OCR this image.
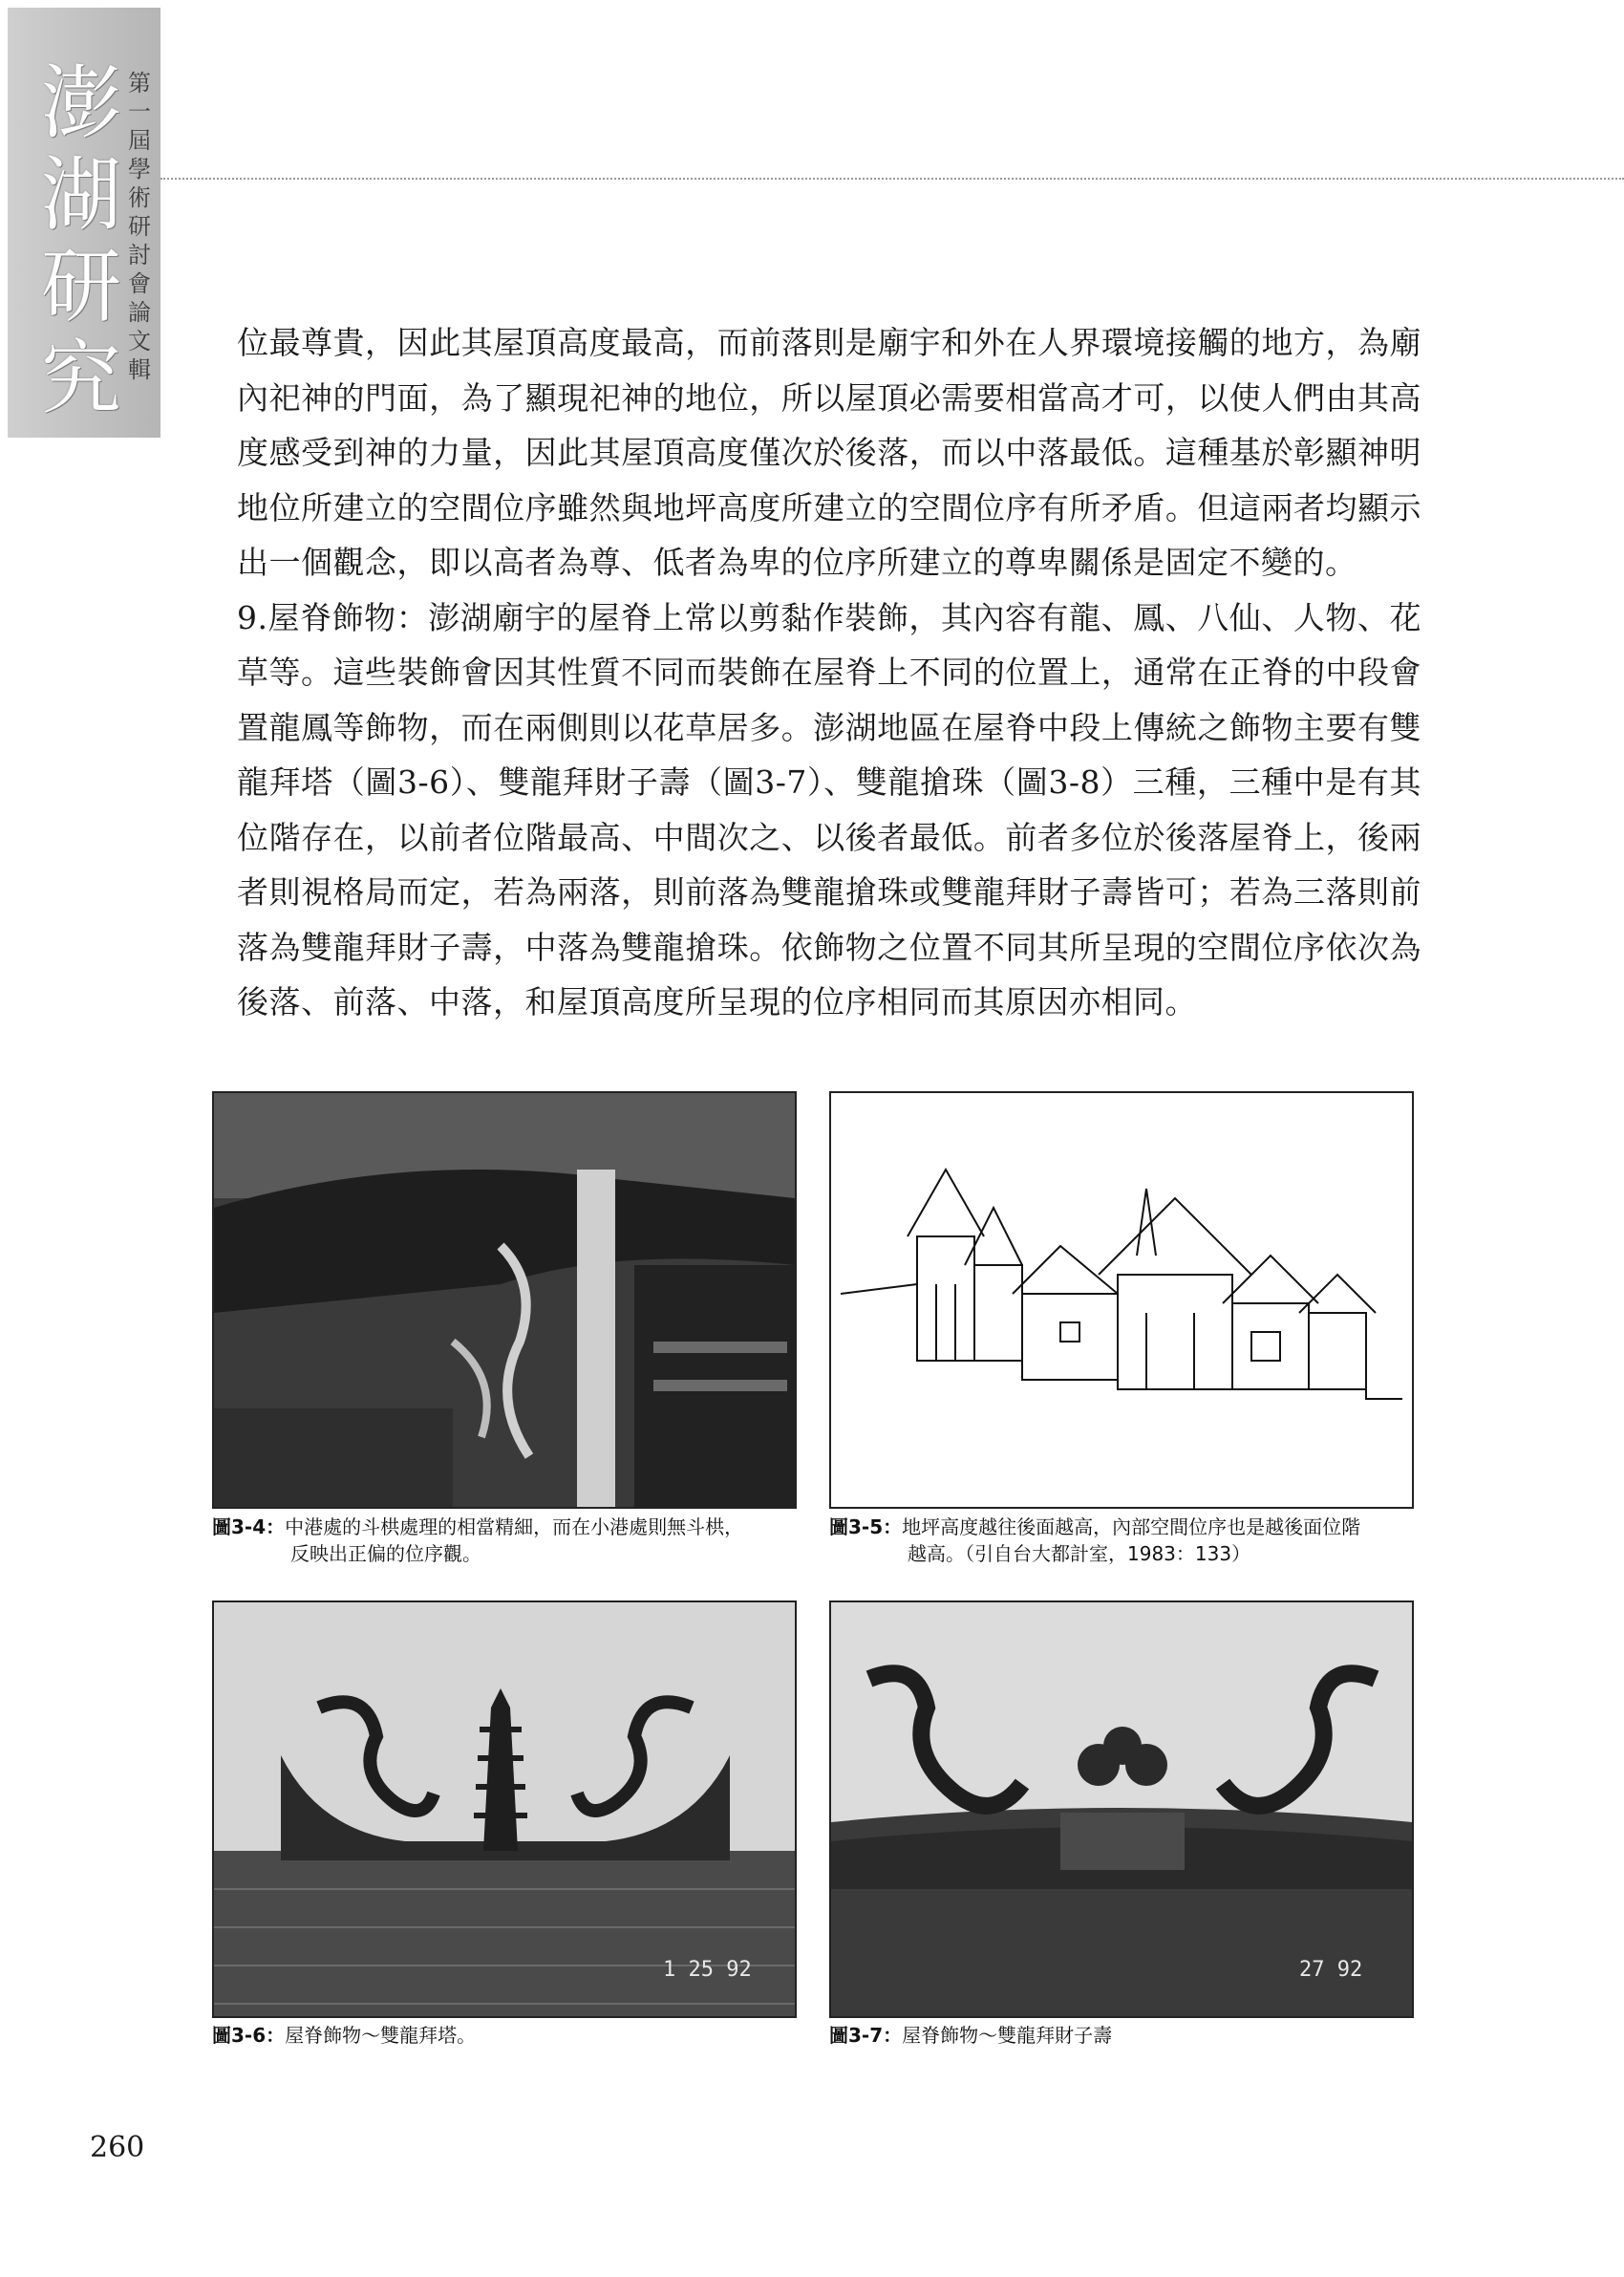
澎湖研究
第一屆學術研討會論文輯

位最尊貴，因此其屋頂高度最高，而前落則是廟宇和外在人界環境接觸的地方，為廟內祀神的門面，為了顯現祀神的地位，所以屋頂必需要相當高才可，以使人們由其高度感受到神的力量，因此其屋頂高度僅次於後落，而以中落最低。這種基於彰顯神明地位所建立的空間位序雖然與地坪高度所建立的空間位序有所矛盾。但這兩者均顯示出一個觀念，即以高者為尊、低者為卑的位序所建立的尊卑關係是固定不變的。

9.屋脊飾物：澎湖廟宇的屋脊上常以剪黏作裝飾，其內容有龍、鳳、八仙、人物、花草等。這些裝飾會因其性質不同而裝飾在屋脊上不同的位置上，通常在正脊的中段會置龍鳳等飾物，而在兩側則以花草居多。澎湖地區在屋脊中段上傳統之飾物主要有雙龍拜塔（圖3-6）、雙龍拜財子壽（圖3-7）、雙龍搶珠（圖3-8）三種，三種中是有其位階存在，以前者位階最高、中間次之、以後者最低。前者多位於後落屋脊上，後兩者則視格局而定，若為兩落，則前落為雙龍搶珠或雙龍拜財子壽皆可；若為三落則前落為雙龍拜財子壽，中落為雙龍搶珠。依飾物之位置不同其所呈現的空間位序依次為後落、前落、中落，和屋頂高度所呈現的位序相同而其原因亦相同。

圖3-4：中港處的斗栱處理的相當精細，而在小港處則無斗栱，
反映出正偏的位序觀。
圖3-5：地坪高度越往後面越高，內部空間位序也是越後面位階
越高。（引自台大都計室，1983：133）
1 25 92
圖3-6：屋脊飾物～雙龍拜塔。
27 92
圖3-7：屋脊飾物～雙龍拜財子壽
260
